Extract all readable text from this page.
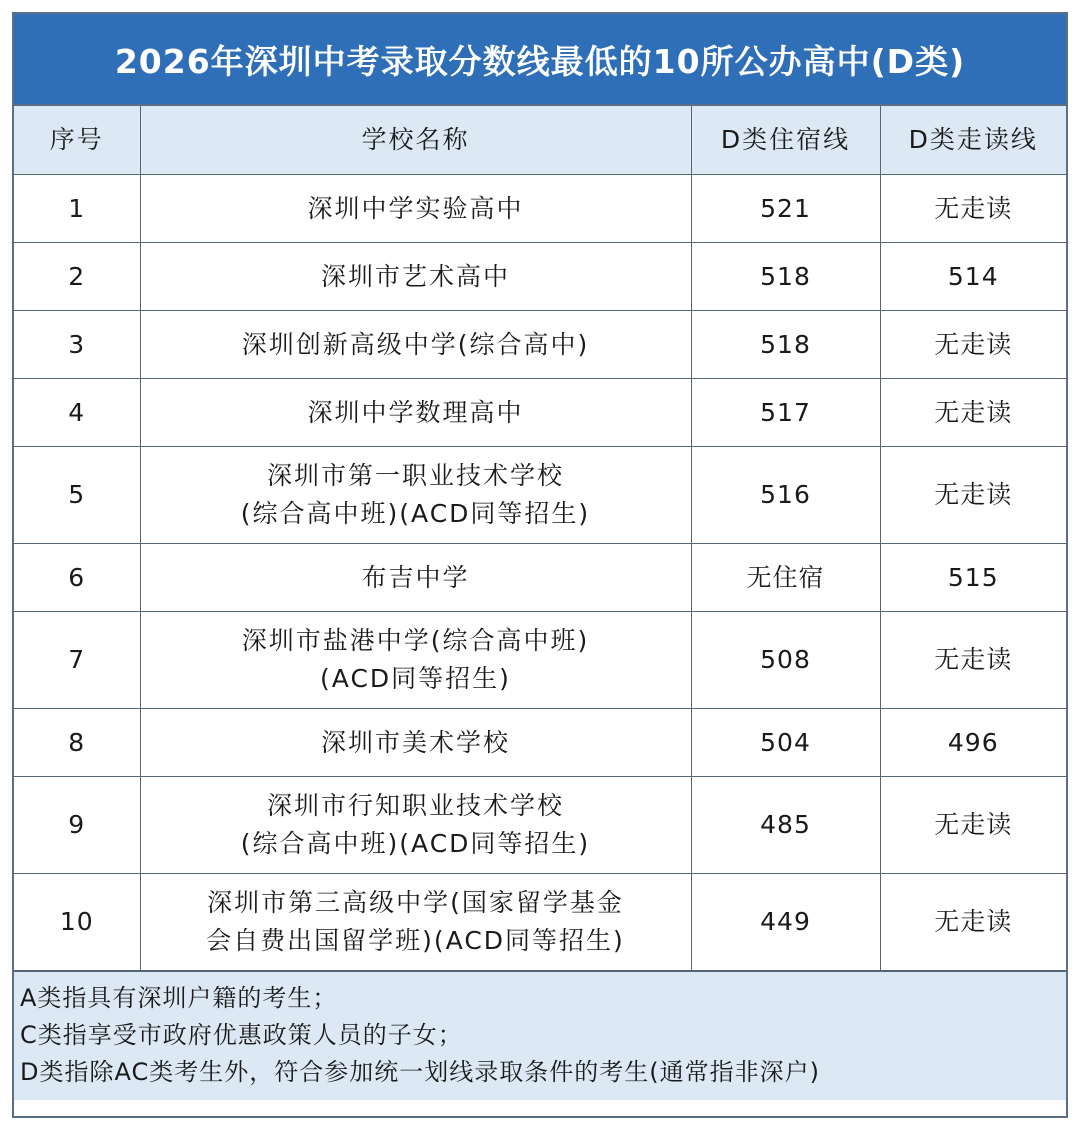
2026年深圳中考录取分数线最低的10所公办高中(D类)
序号	学校名称	D类住宿线	D类走读线
1	深圳中学实验高中	521	无走读
2	深圳市艺术高中	518	514
3	深圳创新高级中学(综合高中)	518	无走读
4	深圳中学数理高中	517	无走读
5	深圳市第一职业技术学校
(综合高中班)(ACD同等招生)	516	无走读
6	布吉中学	无住宿	515
7	深圳市盐港中学(综合高中班)
(ACD同等招生)	508	无走读
8	深圳市美术学校	504	496
9	深圳市行知职业技术学校
(综合高中班)(ACD同等招生)	485	无走读
10	深圳市第三高级中学(国家留学基金
会自费出国留学班)(ACD同等招生)	449	无走读
A类指具有深圳户籍的考生；
C类指享受市政府优惠政策人员的子女；
D类指除AC类考生外，符合参加统一划线录取条件的考生(通常指非深户)
